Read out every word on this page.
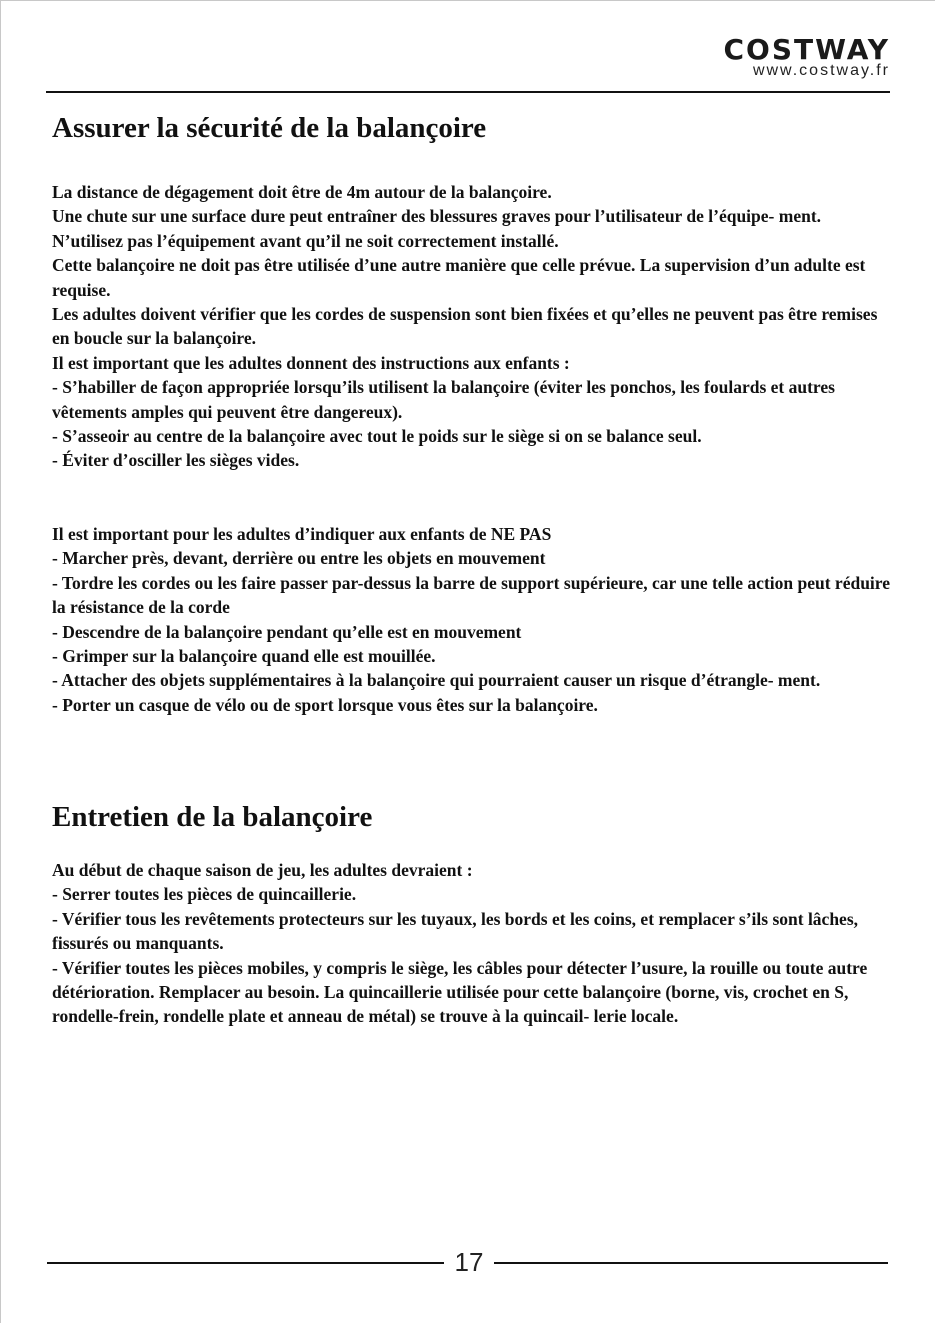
COSTWAY
www.costway.fr
Assurer la sécurité de la balançoire

La distance de dégagement doit être de 4m autour de la balançoire.

Une chute sur une surface dure peut entraîner des blessures graves pour l’utilisateur de l’équipe- ment.

N’utilisez pas l’équipement avant qu’il ne soit correctement installé.

Cette balançoire ne doit pas être utilisée d’une autre manière que celle prévue. La supervision d’un adulte est requise.

Les adultes doivent vérifier que les cordes de suspension sont bien fixées et qu’elles ne peuvent pas être remises en boucle sur la balançoire.

Il est important que les adultes donnent des instructions aux enfants :

- S’habiller de façon appropriée lorsqu’ils utilisent la balançoire (éviter les ponchos, les foulards et autres vêtements amples qui peuvent être dangereux).

- S’asseoir au centre de la balançoire avec tout le poids sur le siège si on se balance seul.

- Éviter d’osciller les sièges vides.

Il est important pour les adultes d’indiquer aux enfants de NE PAS

- Marcher près, devant, derrière ou entre les objets en mouvement

- Tordre les cordes ou les faire passer par-dessus la barre de support supérieure, car une telle action peut réduire la résistance de la corde

- Descendre de la balançoire pendant qu’elle est en mouvement

- Grimper sur la balançoire quand elle est mouillée.

- Attacher des objets supplémentaires à la balançoire qui pourraient causer un risque d’étrangle- ment.

- Porter un casque de vélo ou de sport lorsque vous êtes sur la balançoire.

Entretien de la balançoire

Au début de chaque saison de jeu, les adultes devraient :

- Serrer toutes les pièces de quincaillerie.

- Vérifier tous les revêtements protecteurs sur les tuyaux, les bords et les coins, et remplacer s’ils sont lâches, fissurés ou manquants.

- Vérifier toutes les pièces mobiles, y compris le siège, les câbles pour détecter l’usure, la rouille ou toute autre détérioration. Remplacer au besoin. La quincaillerie utilisée pour cette balançoire (borne, vis, crochet en S, rondelle-frein, rondelle plate et anneau de métal) se trouve à la quincail- lerie locale.

17
